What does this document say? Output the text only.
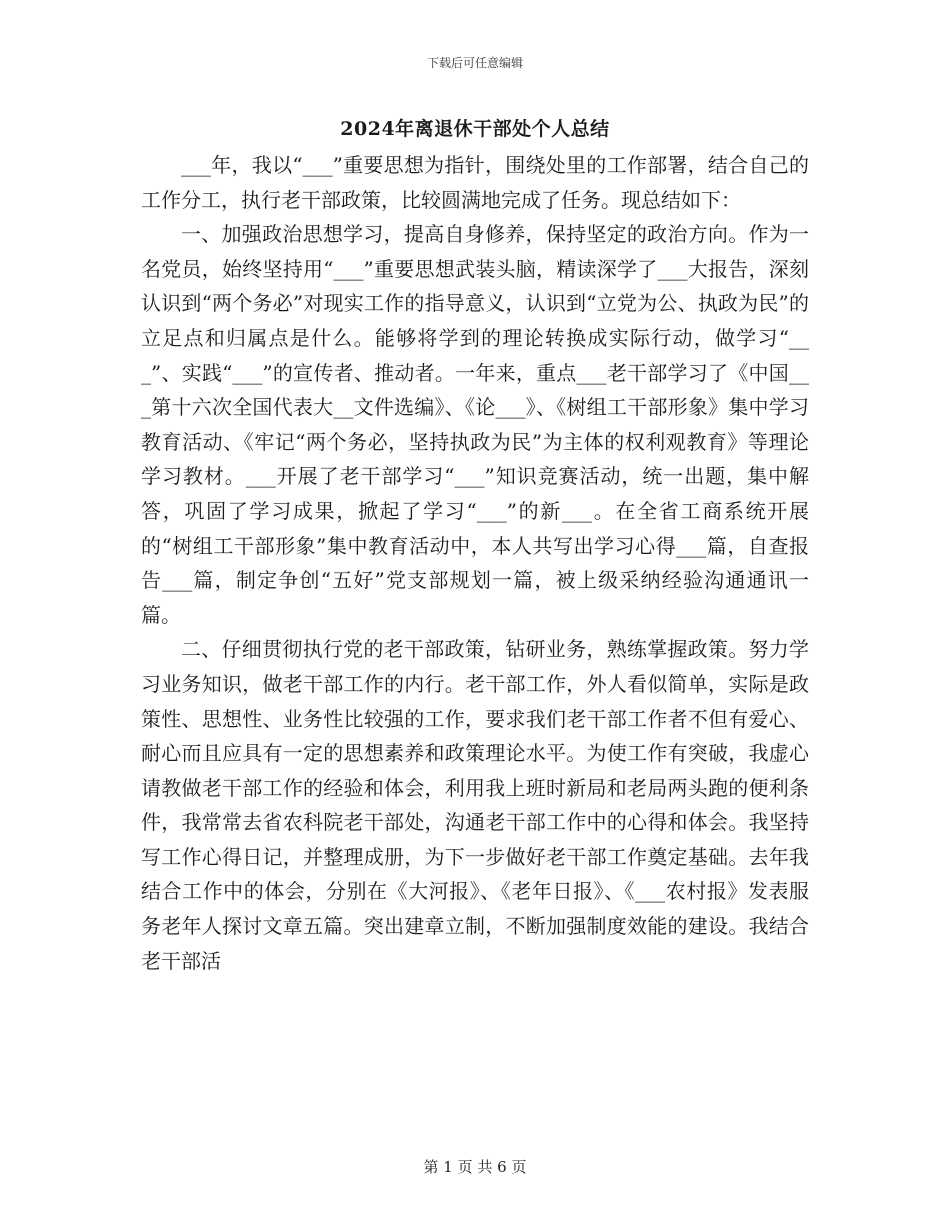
下载后可任意编辑
2024年离退休干部处个人总结

___年，我以“___”重要思想为指针，围绕处里的工作部署，结合自己的工作分工，执行老干部政策，比较圆满地完成了任务。现总结如下：

一、加强政治思想学习，提高自身修养，保持坚定的政治方向。作为一名党员，始终坚持用“___”重要思想武装头脑，精读深学了___大报告，深刻认识到“两个务必”对现实工作的指导意义，认识到“立党为公、执政为民”的立足点和归属点是什么。能够将学到的理论转换成实际行动，做学习“___”、实践“___”的宣传者、推动者。一年来，重点___老干部学习了《中国___第十六次全国代表大__文件选编》、《论___》、《树组工干部形象》集中学习教育活动、《牢记“两个务必，坚持执政为民”为主体的权利观教育》等理论学习教材。___开展了老干部学习“___”知识竞赛活动，统一出题，集中解答，巩固了学习成果，掀起了学习“___”的新___。在全省工商系统开展的“树组工干部形象”集中教育活动中，本人共写出学习心得___篇，自查报告___篇，制定争创“五好”党支部规划一篇，被上级采纳经验沟通通讯一篇。

二、仔细贯彻执行党的老干部政策，钻研业务，熟练掌握政策。努力学习业务知识，做老干部工作的内行。老干部工作，外人看似简单，实际是政策性、思想性、业务性比较强的工作，要求我们老干部工作者不但有爱心、耐心而且应具有一定的思想素养和政策理论水平。为使工作有突破，我虚心请教做老干部工作的经验和体会，利用我上班时新局和老局两头跑的便利条件，我常常去省农科院老干部处，沟通老干部工作中的心得和体会。我坚持写工作心得日记，并整理成册，为下一步做好老干部工作奠定基础。去年我结合工作中的体会，分别在《大河报》、《老年日报》、《___农村报》发表服务老年人探讨文章五篇。突出建章立制，不断加强制度效能的建设。我结合老干部活

第 1 页 共 6 页
